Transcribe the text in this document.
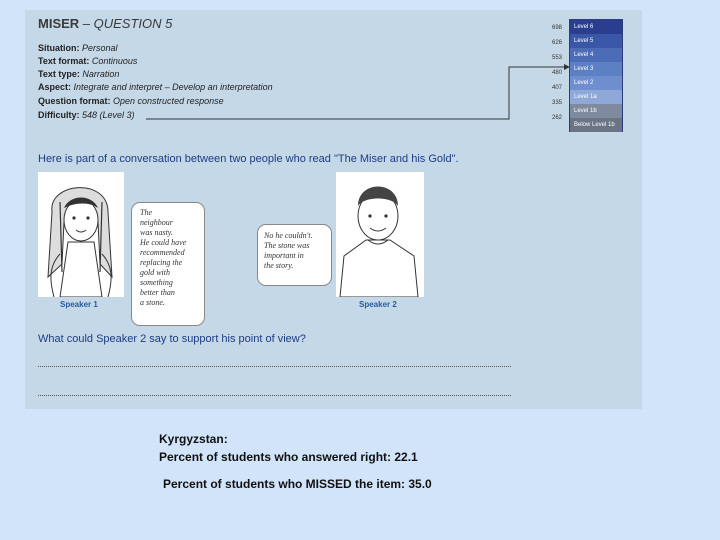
MISER – QUESTION 5
Situation: Personal
Text format: Continuous
Text type: Narration
Aspect: Integrate and interpret – Develop an interpretation
Question format: Open constructed response
Difficulty: 548 (Level 3)
698
626
553
480
407
335
262
Level 6
Level 5
Level 4
Level 3
Level 2
Level 1a
Level 1b
Below Level 1b
Here is part of a conversation between two people who read "The Miser and his Gold".
Speaker 1
The
neighbour
was nasty.
He could have
recommended
replacing the
gold with
something
better than
a stone.
No he couldn't.
The stone was
important in
the story.
Speaker 2
What could Speaker 2 say to support his point of view?
Kyrgyzstan:
Percent of students who answered right: 22.1
Percent of students who MISSED the item: 35.0
